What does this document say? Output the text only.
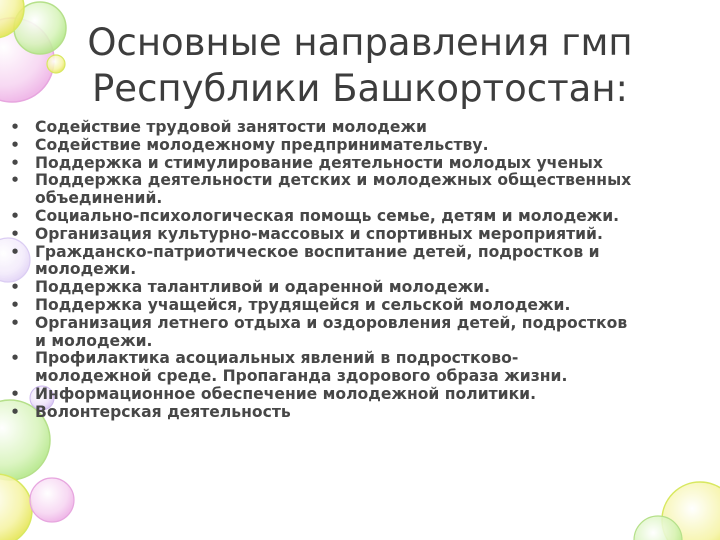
Основные направления гмп
Республики Башкортостан:
• Содействие трудовой занятости молодежи
• Содействие молодежному предпринимательству.
• Поддержка и стимулирование деятельности молодых ученых
• Поддержка деятельности детских и молодежных общественных
объединений.
• Социально-психологическая помощь семье, детям и молодежи.
• Организация культурно-массовых и спортивных мероприятий.
• Гражданско-патриотическое воспитание детей, подростков и
молодежи.
• Поддержка талантливой и одаренной молодежи.
• Поддержка учащейся, трудящейся и сельской молодежи.
• Организация летнего отдыха и оздоровления детей, подростков
и молодежи.
• Профилактика асоциальных явлений в подростково-
молодежной среде. Пропаганда здорового образа жизни.
• Информационное обеспечение молодежной политики.
• Волонтерская деятельность
